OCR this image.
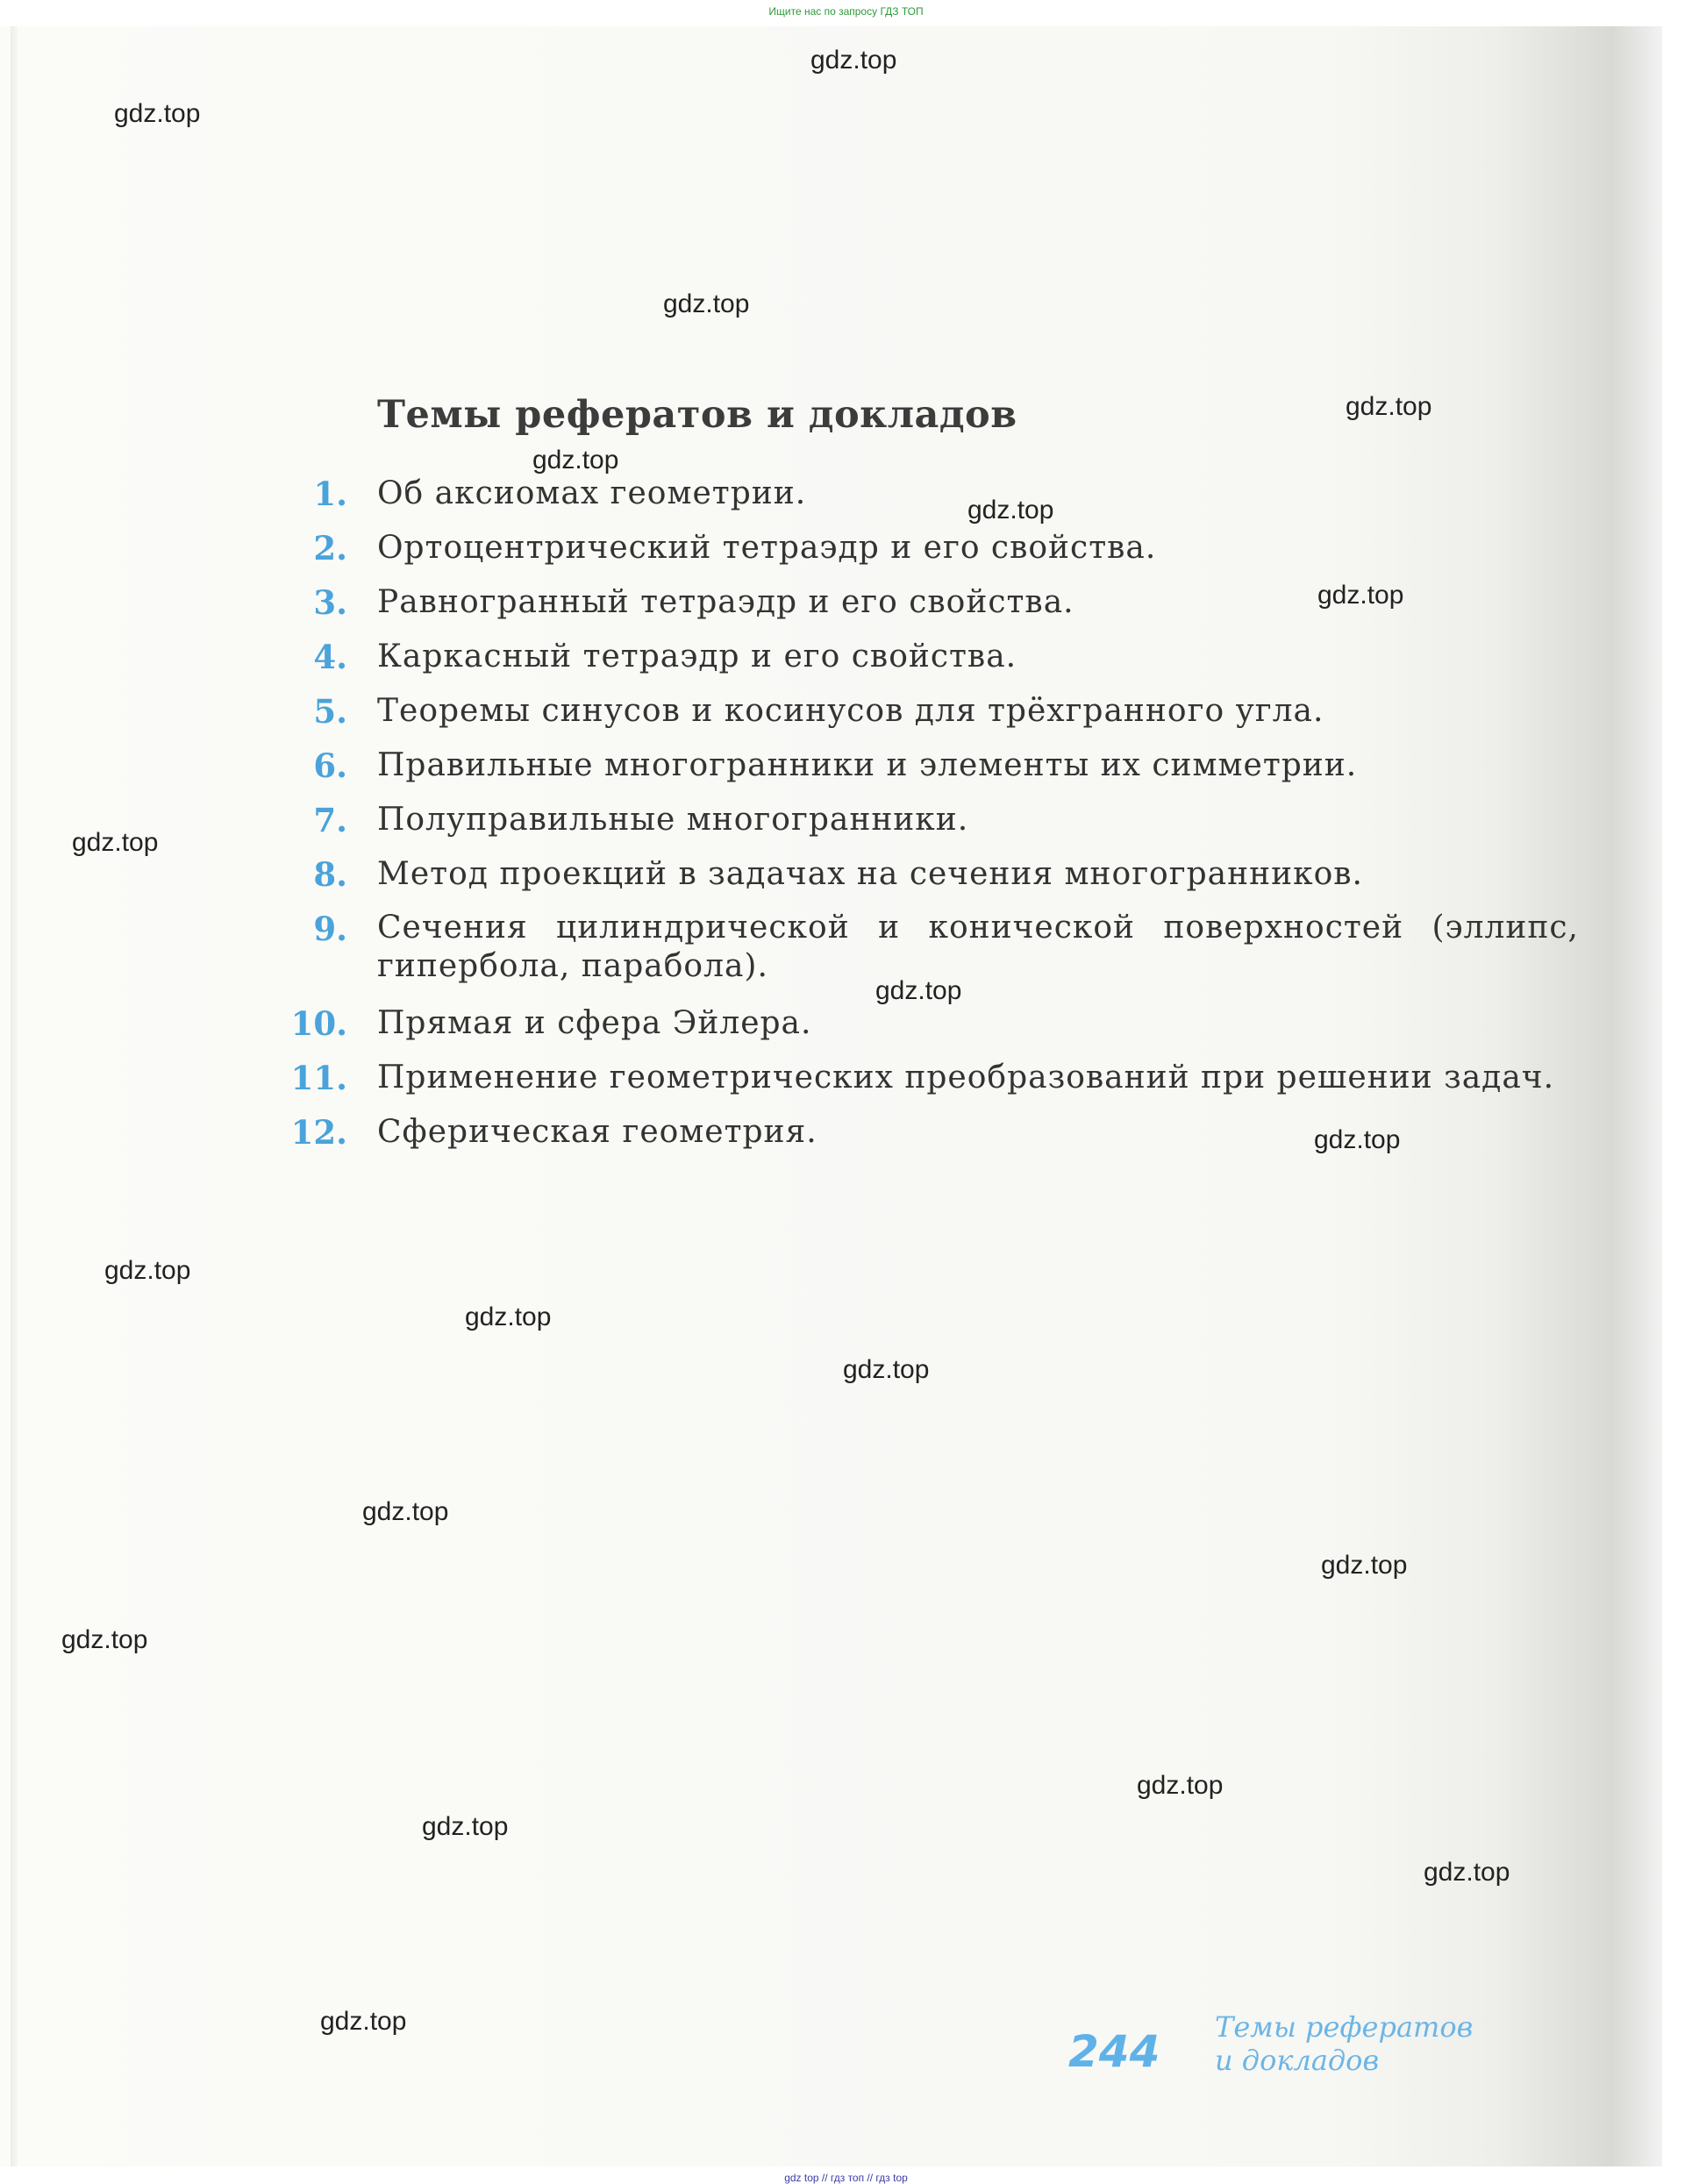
Ищите нас по запросу ГДЗ ТОП
Темы рефератов и докладов
1. Об аксиомах геометрии.
2. Ортоцентрический тетраэдр и его свойства.
3. Равногранный тетраэдр и его свойства.
4. Каркасный тетраэдр и его свойства.
5. Теоремы синусов и косинусов для трёхгранного угла.
6. Правильные многогранники и элементы их симметрии.
7. Полуправильные многогранники.
8. Метод проекций в задачах на сечения многогранников.
9. Сечения цилиндрической и конической поверхностей (эллипс, гипербола, парабола).
10. Прямая и сфера Эйлера.
11. Применение геометрических преобразований при решении задач.
12. Сферическая геометрия.
244 Темы рефератов
и докладов
gdz.top
gdz.top
gdz.top
gdz.top
gdz.top
gdz.top
gdz.top
gdz.top
gdz.top
gdz.top
gdz.top
gdz.top
gdz.top
gdz.top
gdz.top
gdz.top
gdz.top
gdz.top
gdz.top
gdz.top
gdz top // гдз топ // гдз top
